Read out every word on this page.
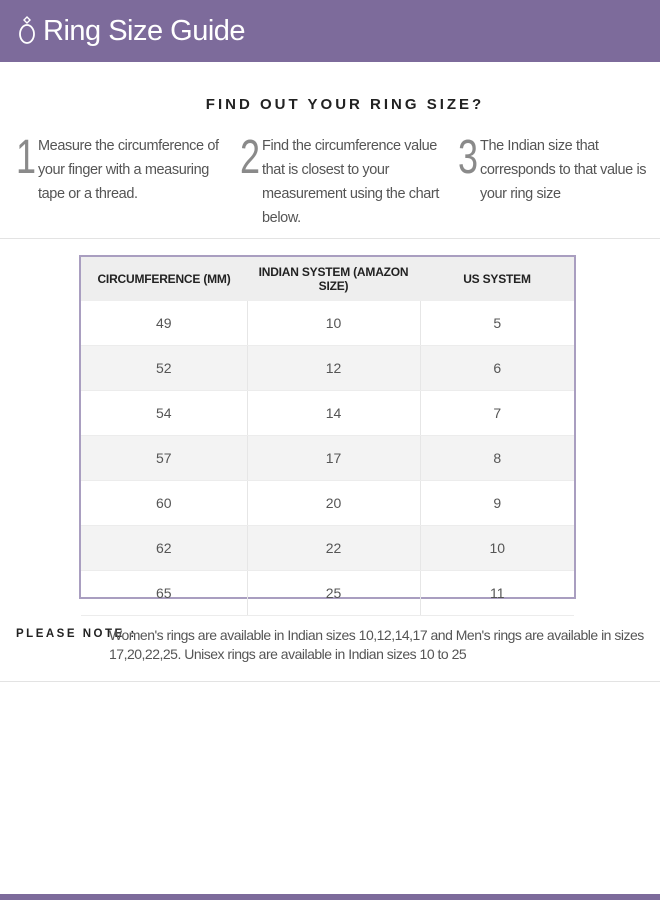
Ring Size Guide
FIND OUT YOUR RING SIZE?
1 Measure the circumference of your finger with a measuring tape or a thread.
2 Find the circumference value that is closest to your measurement using the chart below.
3 The Indian size that corresponds to that value is your ring size
CIRCUMFERENCE (MM)	INDIAN SYSTEM (AMAZON SIZE)	US SYSTEM
49	10	5
52	12	6
54	14	7
57	17	8
60	20	9
62	22	10
65	25	11
PLEASE NOTE :
Women's rings are available in Indian sizes 10,12,14,17 and Men's rings are available in sizes 17,20,22,25. Unisex rings are available in Indian sizes 10 to 25
